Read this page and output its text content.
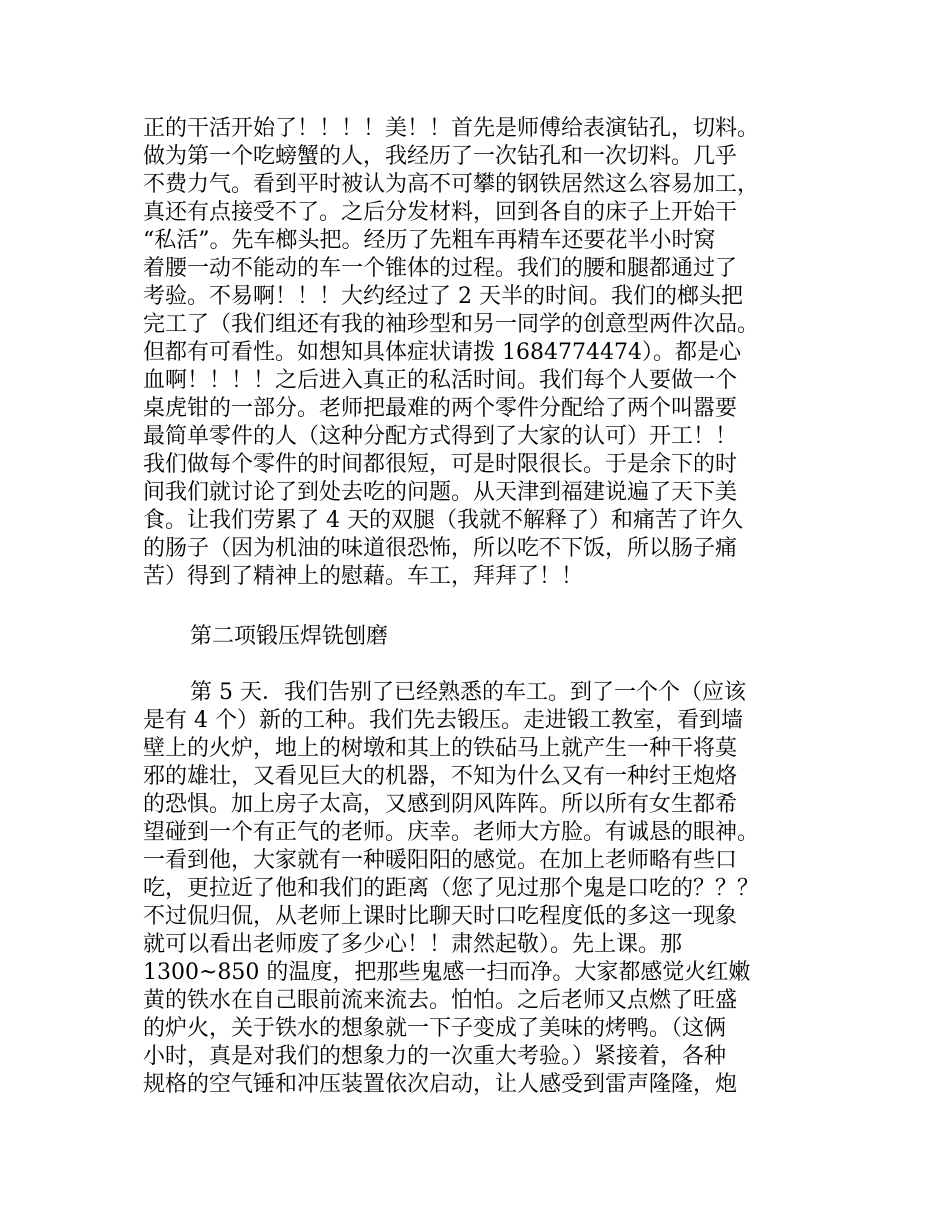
正的干活开始了！！！！美！！首先是师傅给表演钻孔，切料。
做为第一个吃螃蟹的人，我经历了一次钻孔和一次切料。几乎
不费力气。看到平时被认为高不可攀的钢铁居然这么容易加工，
真还有点接受不了。之后分发材料，回到各自的床子上开始干
“私活”。先车榔头把。经历了先粗车再精车还要花半小时窝
着腰一动不能动的车一个锥体的过程。我们的腰和腿都通过了
考验。不易啊！！！大约经过了 2 天半的时间。我们的榔头把
完工了（我们组还有我的袖珍型和另一同学的创意型两件次品。
但都有可看性。如想知具体症状请拨 1684774474）。都是心
血啊！！！！之后进入真正的私活时间。我们每个人要做一个
桌虎钳的一部分。老师把最难的两个零件分配给了两个叫嚣要
最简单零件的人（这种分配方式得到了大家的认可）开工！！
我们做每个零件的时间都很短，可是时限很长。于是余下的时
间我们就讨论了到处去吃的问题。从天津到福建说遍了天下美
食。让我们劳累了 4 天的双腿（我就不解释了）和痛苦了许久
的肠子（因为机油的味道很恐怖，所以吃不下饭，所以肠子痛
苦）得到了精神上的慰藉。车工，拜拜了！！
第二项锻压焊铣刨磨
第 5 天．我们告别了已经熟悉的车工。到了一个个（应该
是有 4 个）新的工种。我们先去锻压。走进锻工教室，看到墙
壁上的火炉，地上的树墩和其上的铁砧马上就产生一种干将莫
邪的雄壮，又看见巨大的机器，不知为什么又有一种纣王炮烙
的恐惧。加上房子太高，又感到阴风阵阵。所以所有女生都希
望碰到一个有正气的老师。庆幸。老师大方脸。有诚恳的眼神。
一看到他，大家就有一种暖阳阳的感觉。在加上老师略有些口
吃，更拉近了他和我们的距离（您了见过那个鬼是口吃的？？？
不过侃归侃，从老师上课时比聊天时口吃程度低的多这一现象
就可以看出老师废了多少心！！肃然起敬）。先上课。那
1300~850 的温度，把那些鬼感一扫而净。大家都感觉火红嫩
黄的铁水在自己眼前流来流去。怕怕。之后老师又点燃了旺盛
的炉火，关于铁水的想象就一下子变成了美味的烤鸭。（这俩
小时，真是对我们的想象力的一次重大考验。）紧接着，各种
规格的空气锤和冲压装置依次启动，让人感受到雷声隆隆，炮
